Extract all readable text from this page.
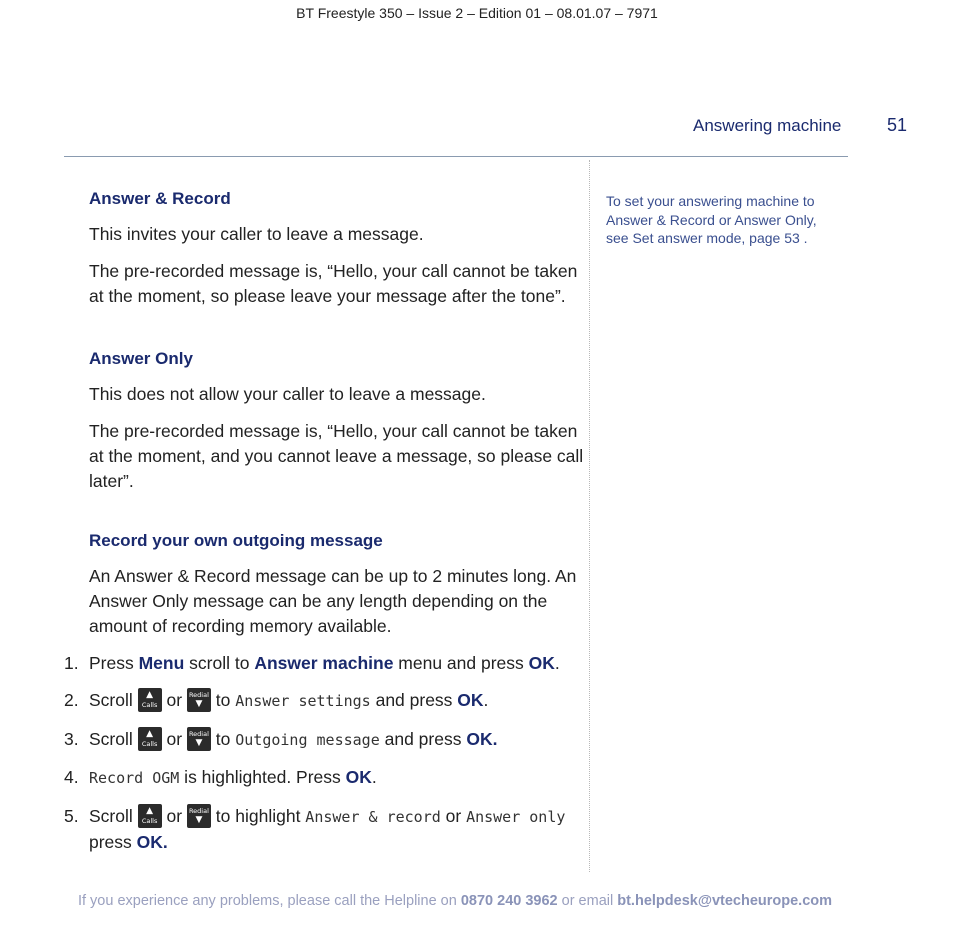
BT Freestyle 350 – Issue 2 – Edition 01 – 08.01.07 – 7971
Answering machine	51
Answer & Record
This invites your caller to leave a message.
The pre-recorded message is, “Hello, your call cannot be taken at the moment, so please leave your message after the tone”.
Answer Only
This does not allow your caller to leave a message.
The pre-recorded message is, “Hello, your call cannot be taken at the moment, and you cannot leave a message, so please call later”.
Record your own outgoing message
An Answer & Record message can be up to 2 minutes long. An Answer Only message can be any length depending on the amount of recording memory available.
1. Press Menu scroll to Answer machine menu and press OK.
2. Scroll ▲
Calls or Redial
▼ to Answer settings and press OK.
3. Scroll ▲
Calls or Redial
▼ to Outgoing message and press OK.
4. Record OGM is highlighted. Press OK.
5. Scroll ▲
Calls or Redial
▼ to highlight Answer & record or Answer only press OK.
To set your answering machine to Answer & Record or Answer Only, see Set answer mode, page 53 .
If you experience any problems, please call the Helpline on 0870 240 3962 or email bt.helpdesk@vtecheurope.com
